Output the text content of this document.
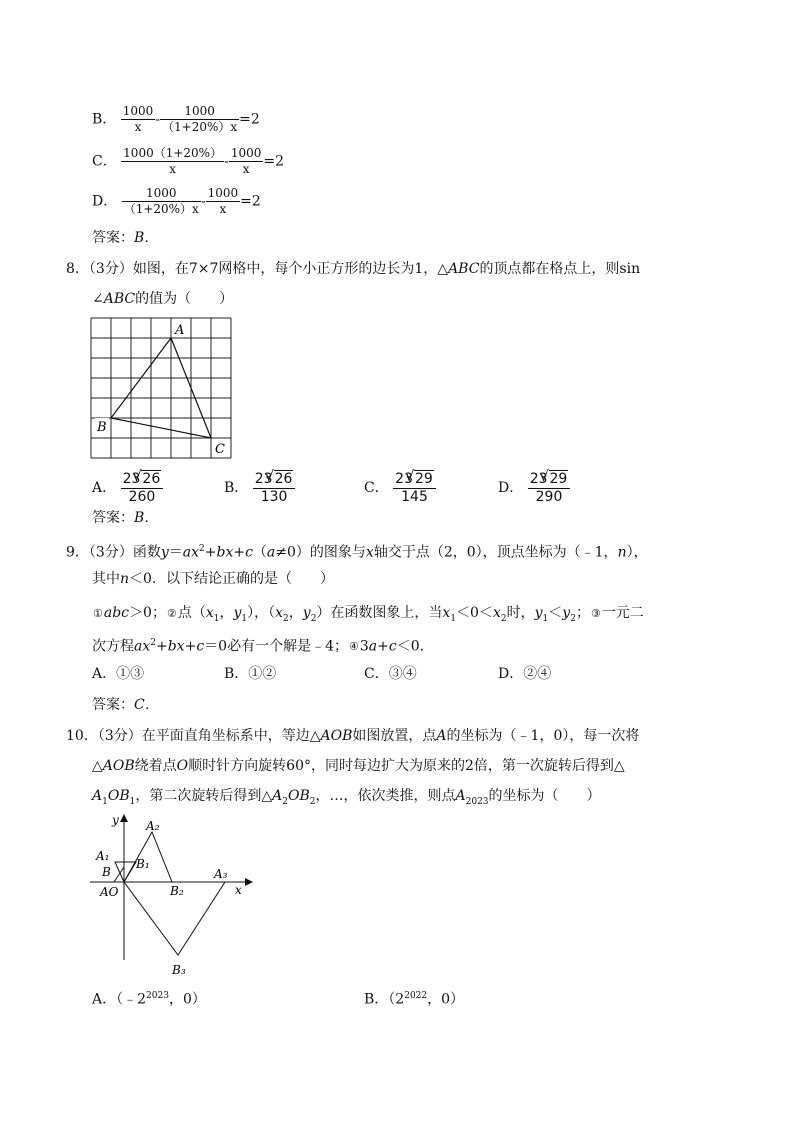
B． $\frac{1000}{x} - \frac{1000}{(1+20\%)x} =2$
C． $\frac{1000(1+20\%)}{x} - \frac{1000}{x} =2$
D． $\frac{1000}{(1+20\%)x} - \frac{1000}{x} =2$
答案：B．
8．（3分）如图，在7×7网格中，每个小正方形的边长为1，△ABC的顶点都在格点上，则sin
∠ABC的值为（　　）
A
B
C
A． $\frac{23 √ 26}{260}$	B． $\frac{23 √ 26}{130}$	C． $\frac{23 √ 29}{145}$	D． $\frac{23 √ 29}{290}$
答案：B．
9．（3分）函数$y=ax^2+bx+c(a\ne 0)$的图象与x轴交于点（2，0），顶点坐标为（﹣1，n），
其中n＜0．以下结论正确的是（　　）
①abc＞0；②点（$x_1$，$y_1$），（$x_2$，$y_2$）在函数图象上，当$x_1<0<x_2$时，$y_1<y_2$；③一元二
次方程$ax^2+bx+c=0$必有一个解是﹣4；④3a+c＜0．
A．①③	B．①②	C．③④	D．②④
答案：C．
10．（3分）在平面直角坐标系中，等边△AOB如图放置，点A的坐标为（﹣1，0），每一次将
△AOB绕着点O顺时针方向旋转60°，同时每边扩大为原来的2倍，第一次旋转后得到△
$A_1OB_1$，第二次旋转后得到$\triangle A_2OB_2$，…，依次类推，则点$A_{2023}$的坐标为（　　）
y
x
A₂
A₁
B₁
B
AO	B₂
A₃
B₃
A．（$﹣2^{2023}$，0）	B．（$2^{2022}$，0）
